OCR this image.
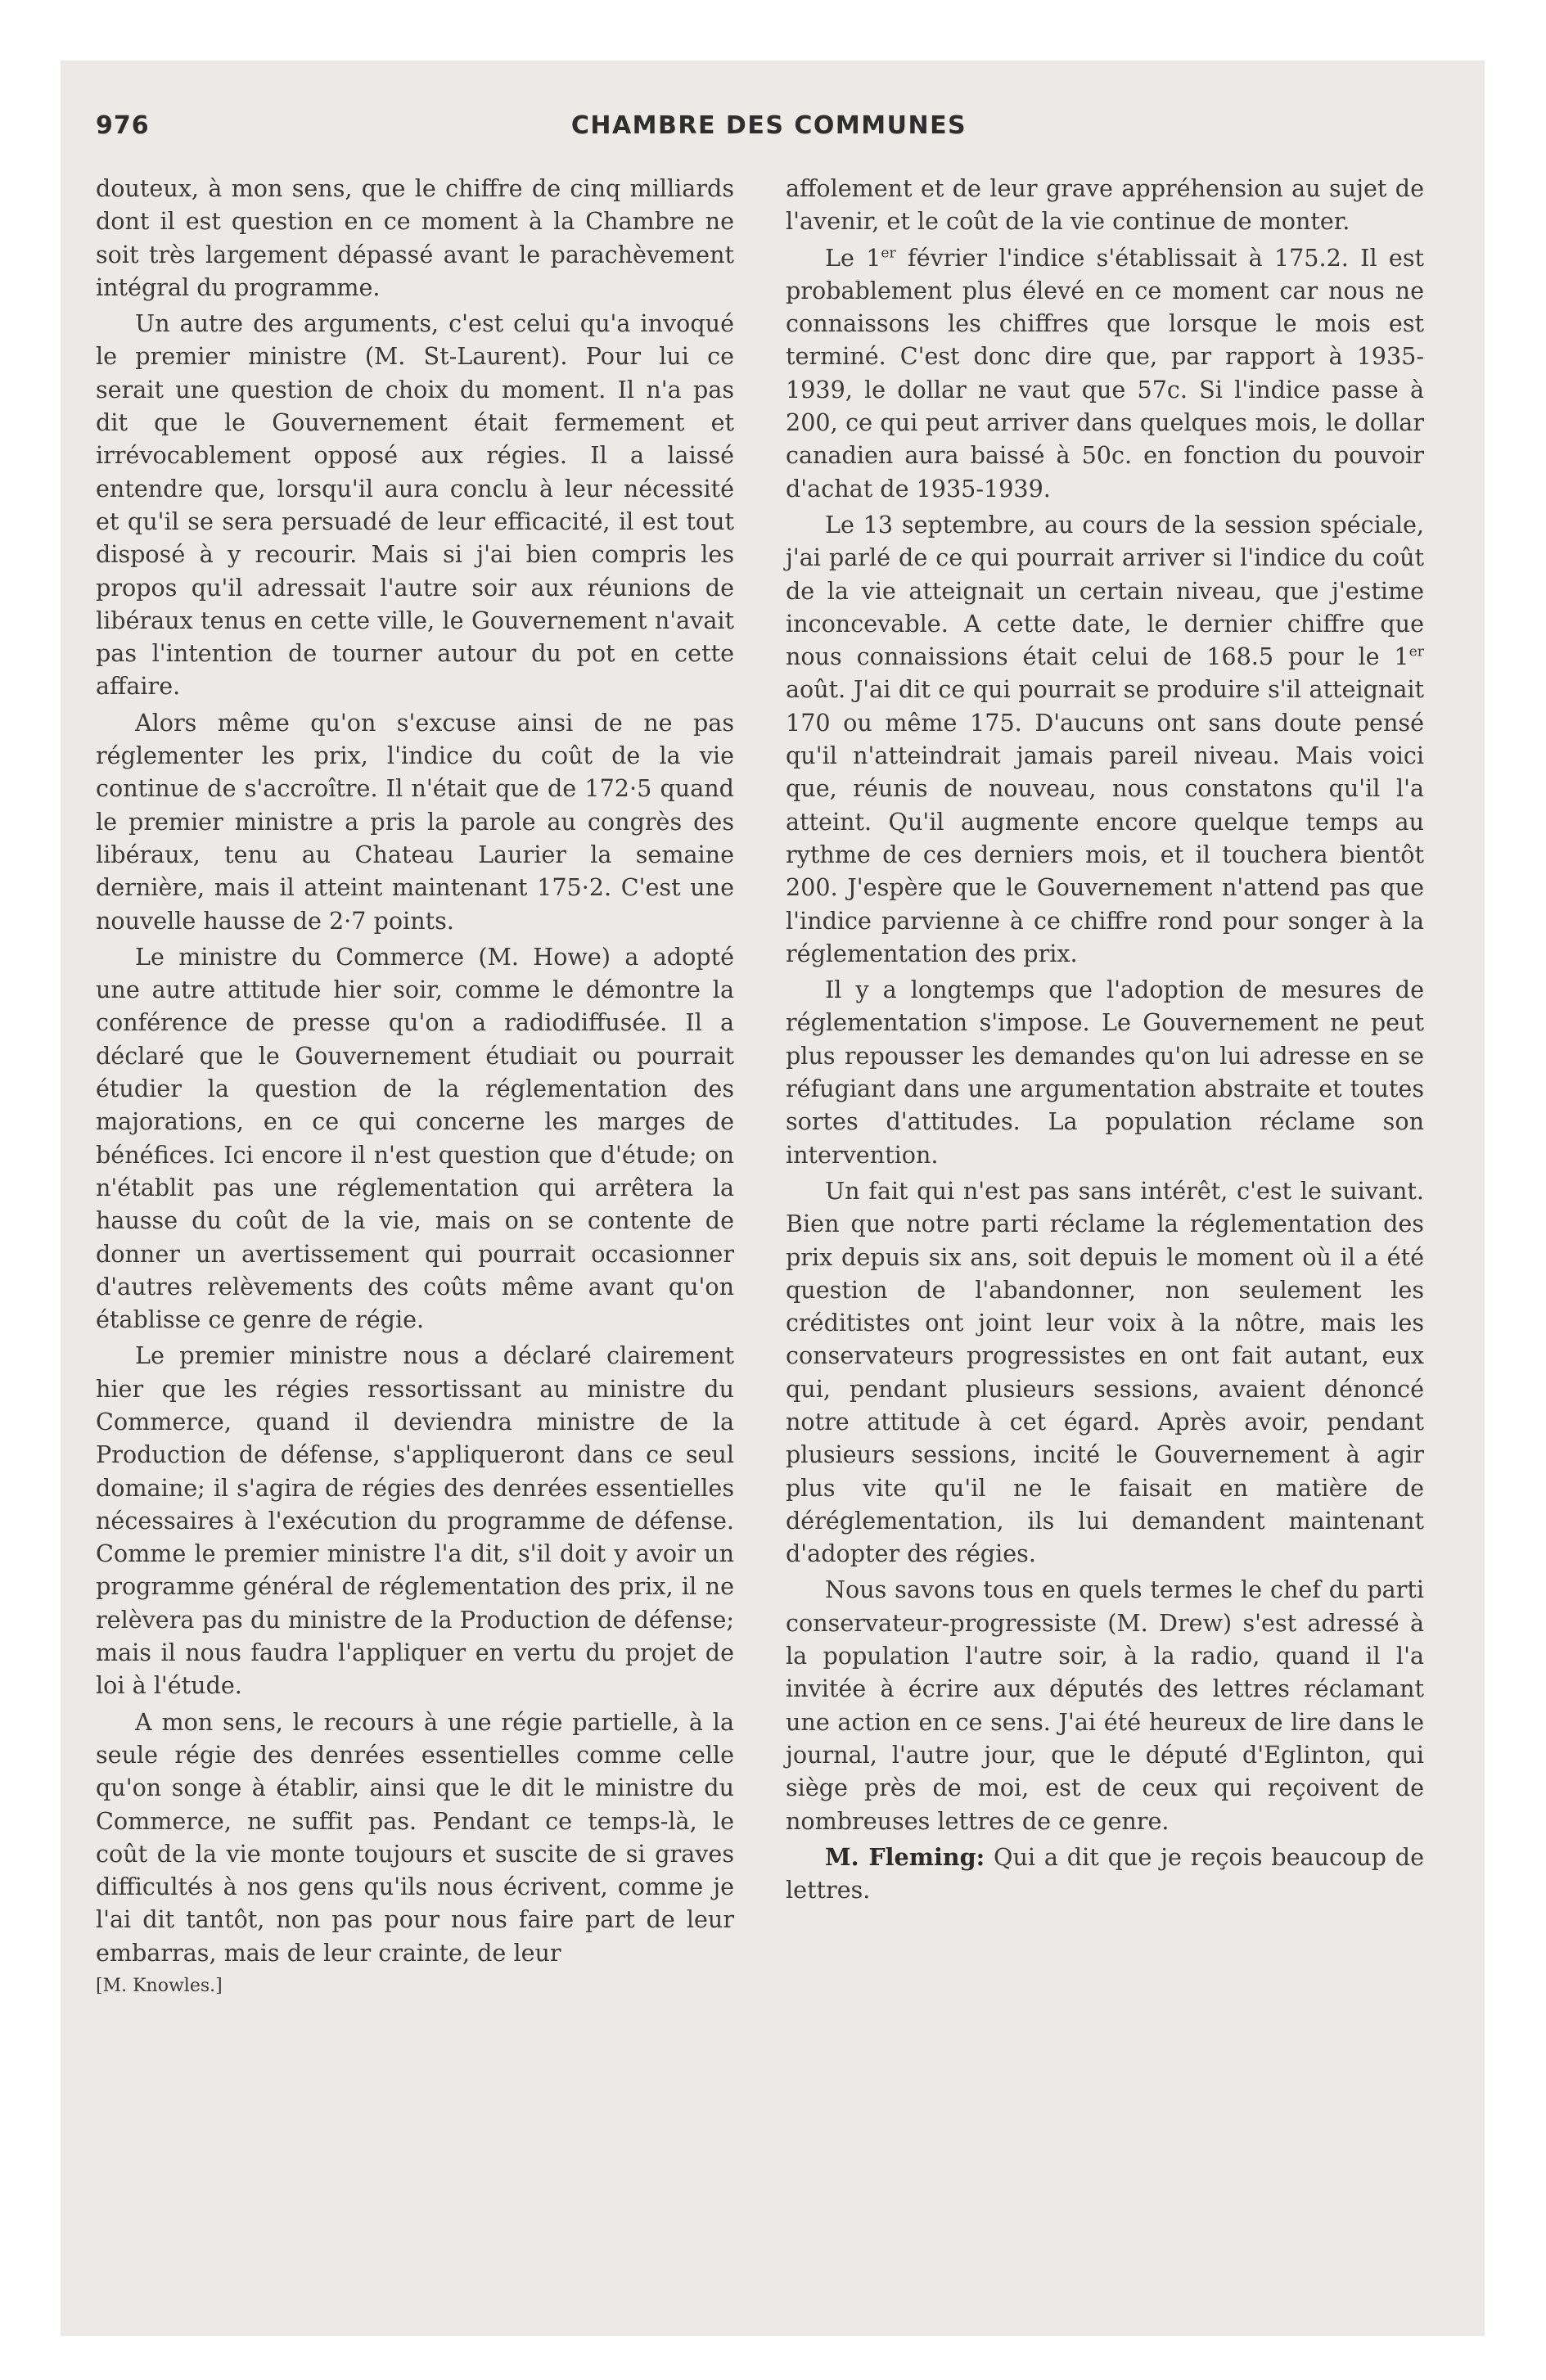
976	CHAMBRE DES COMMUNES

douteux, à mon sens, que le chiffre de cinq milliards dont il est question en ce moment à la Chambre ne soit très largement dépassé avant le parachèvement intégral du programme.

Un autre des arguments, c'est celui qu'a invoqué le premier ministre (M. St-Laurent). Pour lui ce serait une question de choix du moment. Il n'a pas dit que le Gouvernement était fermement et irrévocablement opposé aux régies. Il a laissé entendre que, lorsqu'il aura conclu à leur nécessité et qu'il se sera persuadé de leur efficacité, il est tout disposé à y recourir. Mais si j'ai bien compris les propos qu'il adressait l'autre soir aux réunions de libéraux tenus en cette ville, le Gouvernement n'avait pas l'intention de tourner autour du pot en cette affaire.

Alors même qu'on s'excuse ainsi de ne pas réglementer les prix, l'indice du coût de la vie continue de s'accroître. Il n'était que de 172·5 quand le premier ministre a pris la parole au congrès des libéraux, tenu au Chateau Laurier la semaine dernière, mais il atteint maintenant 175·2. C'est une nouvelle hausse de 2·7 points.

Le ministre du Commerce (M. Howe) a adopté une autre attitude hier soir, comme le démontre la conférence de presse qu'on a radiodiffusée. Il a déclaré que le Gouvernement étudiait ou pourrait étudier la question de la réglementation des majorations, en ce qui concerne les marges de bénéfices. Ici encore il n'est question que d'étude; on n'établit pas une réglementation qui arrêtera la hausse du coût de la vie, mais on se contente de donner un avertissement qui pourrait occasionner d'autres relèvements des coûts même avant qu'on établisse ce genre de régie.

Le premier ministre nous a déclaré clairement hier que les régies ressortissant au ministre du Commerce, quand il deviendra ministre de la Production de défense, s'appliqueront dans ce seul domaine; il s'agira de régies des denrées essentielles nécessaires à l'exécution du programme de défense. Comme le premier ministre l'a dit, s'il doit y avoir un programme général de réglementation des prix, il ne relèvera pas du ministre de la Production de défense; mais il nous faudra l'appliquer en vertu du projet de loi à l'étude.

A mon sens, le recours à une régie partielle, à la seule régie des denrées essentielles comme celle qu'on songe à établir, ainsi que le dit le ministre du Commerce, ne suffit pas. Pendant ce temps-là, le coût de la vie monte toujours et suscite de si graves difficultés à nos gens qu'ils nous écrivent, comme je l'ai dit tantôt, non pas pour nous faire part de leur embarras, mais de leur crainte, de leur

[M. Knowles.]

affolement et de leur grave appréhension au sujet de l'avenir, et le coût de la vie continue de monter.

Le 1er février l'indice s'établissait à 175.2. Il est probablement plus élevé en ce moment car nous ne connaissons les chiffres que lorsque le mois est terminé. C'est donc dire que, par rapport à 1935-1939, le dollar ne vaut que 57c. Si l'indice passe à 200, ce qui peut arriver dans quelques mois, le dollar canadien aura baissé à 50c. en fonction du pouvoir d'achat de 1935-1939.

Le 13 septembre, au cours de la session spéciale, j'ai parlé de ce qui pourrait arriver si l'indice du coût de la vie atteignait un certain niveau, que j'estime inconcevable. A cette date, le dernier chiffre que nous connaissions était celui de 168.5 pour le 1er août. J'ai dit ce qui pourrait se produire s'il atteignait 170 ou même 175. D'aucuns ont sans doute pensé qu'il n'atteindrait jamais pareil niveau. Mais voici que, réunis de nouveau, nous constatons qu'il l'a atteint. Qu'il augmente encore quelque temps au rythme de ces derniers mois, et il touchera bientôt 200. J'espère que le Gouvernement n'attend pas que l'indice parvienne à ce chiffre rond pour songer à la réglementation des prix.

Il y a longtemps que l'adoption de mesures de réglementation s'impose. Le Gouvernement ne peut plus repousser les demandes qu'on lui adresse en se réfugiant dans une argumentation abstraite et toutes sortes d'attitudes. La population réclame son intervention.

Un fait qui n'est pas sans intérêt, c'est le suivant. Bien que notre parti réclame la réglementation des prix depuis six ans, soit depuis le moment où il a été question de l'abandonner, non seulement les créditistes ont joint leur voix à la nôtre, mais les conservateurs progressistes en ont fait autant, eux qui, pendant plusieurs sessions, avaient dénoncé notre attitude à cet égard. Après avoir, pendant plusieurs sessions, incité le Gouvernement à agir plus vite qu'il ne le faisait en matière de déréglementation, ils lui demandent maintenant d'adopter des régies.

Nous savons tous en quels termes le chef du parti conservateur-progressiste (M. Drew) s'est adressé à la population l'autre soir, à la radio, quand il l'a invitée à écrire aux députés des lettres réclamant une action en ce sens. J'ai été heureux de lire dans le journal, l'autre jour, que le député d'Eglinton, qui siège près de moi, est de ceux qui reçoivent de nombreuses lettres de ce genre.

M. Fleming: Qui a dit que je reçois beaucoup de lettres.
